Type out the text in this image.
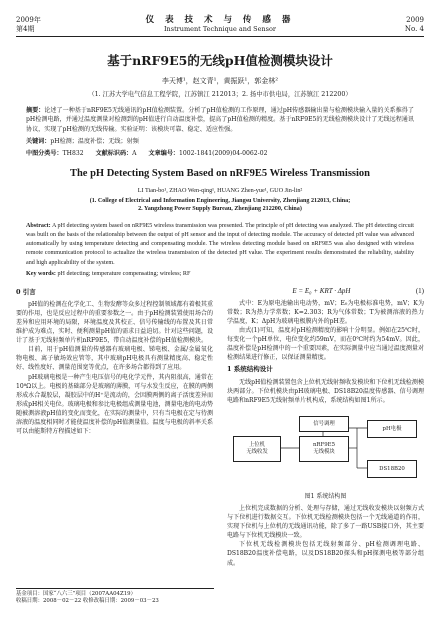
2009年
第4期
仪 表 技 术 与 传 感 器
Instrument Technique and Sensor
2009
No. 4
基于nRF9E5的无线pH值检测模块设计
李天博¹，赵文青¹，黄振跃¹，郭金林²
（1. 江苏大学电气信息工程学院，江苏镇江 212013；2. 扬中市供电局，江苏镇江 212200）
摘要：论述了一种基于nRF9E5无线通讯的pH值检测装置。分析了pH值检测的工作原理，通过pH传感器输出量与检测模块输入量的关系推得了pH检测电路，并通过温度测量对检测到的pH值进行自动温度补偿，提高了pH值检测的精度。基于nRF9E5的无线检测模块设计了无线远程通讯协议，实现了pH检测的无线传输。实验证明：该模块可靠、稳定、适应性强。
关键词：pH检测；温度补偿；无线；射频
中图分类号：TH832 文献标识码：A 文章编号：1002-1841(2009)04-0062-02
The pH Detecting System Based on nRF9E5 Wireless Transmission
LI Tian-bo¹, ZHAO Wen-qing¹, HUANG Zhen-yue¹, GUO Jin-lin²
(1. College of Electrical and Information Engineering, Jiangsu University, Zhenjiang 212013, China;
2. Yangzhong Power Supply Bureau, Zhenjiang 212200, China)
Abstract: A pH detecting system based on nRF9E5 wireless transmission was presented. The principle of pH detecting was analyzed. The pH detecting circuit was built on the basis of the relationship between the output of pH sensor and the input of detecting module. The accuracy of detected pH value was advanced automatically by using temperature detecting and compensating module. The wireless detecting module based on nRF9E5 was also designed with wireless remote communication protocol to actualize the wireless transmission of the detected pH value. The experiment results demonstrated the reliability, stability and high applicability of the system.
Key words: pH detecting; temperature compensating; wireless; RF
0 引言

pH值的检测在化学化工、生物发酵等众多过程控制领域都有着极其重要的作用，也是反应过程中的重要参数之一。由于pH检测装置使用场合的差异和应用环境的局限，环境温度及其校正、信号传输线的布置及其日常维护成为难点，实时、便利测量pH值的需求日益迫切。针对这些问题，设计了基于无线射频单片机nRF9E5，带自动温度补偿的pH值检测模块。

目前，用于pH值测量的传感器有玻璃电极、锑电极、金属/金属氧化物电极、离子敏场效应管等，其中玻璃pH电极具有测量精度高、稳定性好、线性度好、测量范围宽等优点，在许多场合都得到了应用。

pH玻璃电极是一种产生电压信号的电化学元件，其内阻很高，通常在10⁸Ω以上。电极的基础部分是玻璃的薄膜，可与水发生反应，在膜的两侧形成水合凝胶层，凝胶层中的H⁺是流动的，会因膜两侧的离子活度差异而形成pH相关电位。玻璃电极和参比电极组成测量电池，测量电池的电动势随被测溶液pH值的变化而变化，在实际的测量中，只有当电极在定与待测溶液的温度相同时才能使温度补偿的pH值测量值。温度与电极的斜率关系可以由能斯特方程描述如下：

E = E₀ + KRT · ΔpH	(1)

式中：E为原电池输出电动势，mV；E₀为电极标准电势，mV；K为常数；R为热力学常数；K=2.303；R为气体常数；T为被测溶液的热力学温度，K；ΔpH为玻璃电极膜内外的pH差。

由式(1)可知，温度对pH检测精度的影响十分明显。例如在25℃时，每变化一个pH单位，电位变化约59mV，而在0℃时约为54mV。因此，温度补偿是pH检测中的一个重要因素，在实际测量中应当通过温度测量对检测结果进行修正，以保证测量精度。

1 系统结构设计

无线pH值检测装置包含上位机无线射频收发模块和下位机无线检测模块两部分。下位机模块由pH玻璃电极、DS18B20温度传感器、信号调理电路和nRF9E5无线射频单片机构成，系统结构如图1所示。

上位机
无线收发
nRF9E5
无线模块
信号调理
pH电极
DS18B20
图1 系统结构图

上位机完成数据的分析、处理与存储，通过无线收发模块以射频方式与下位机进行数据交互。下位机无线检测模块包括一个无线通道的作用，实现下位机与上位机的无线通讯功能，除了多了一路USB接口外，其主要电路与下位机无线模块一致。

下位机无线检测模块包括无线射频部分、pH检测调理电路、DS18B20温度补偿电路，以及DS18B20探头和pH探测电极等部分组成。

基金项目：国家“八六三”项目（2007AA04Z19）
收稿日期：2008－02－22 收修改稿日期：2009－03－23
